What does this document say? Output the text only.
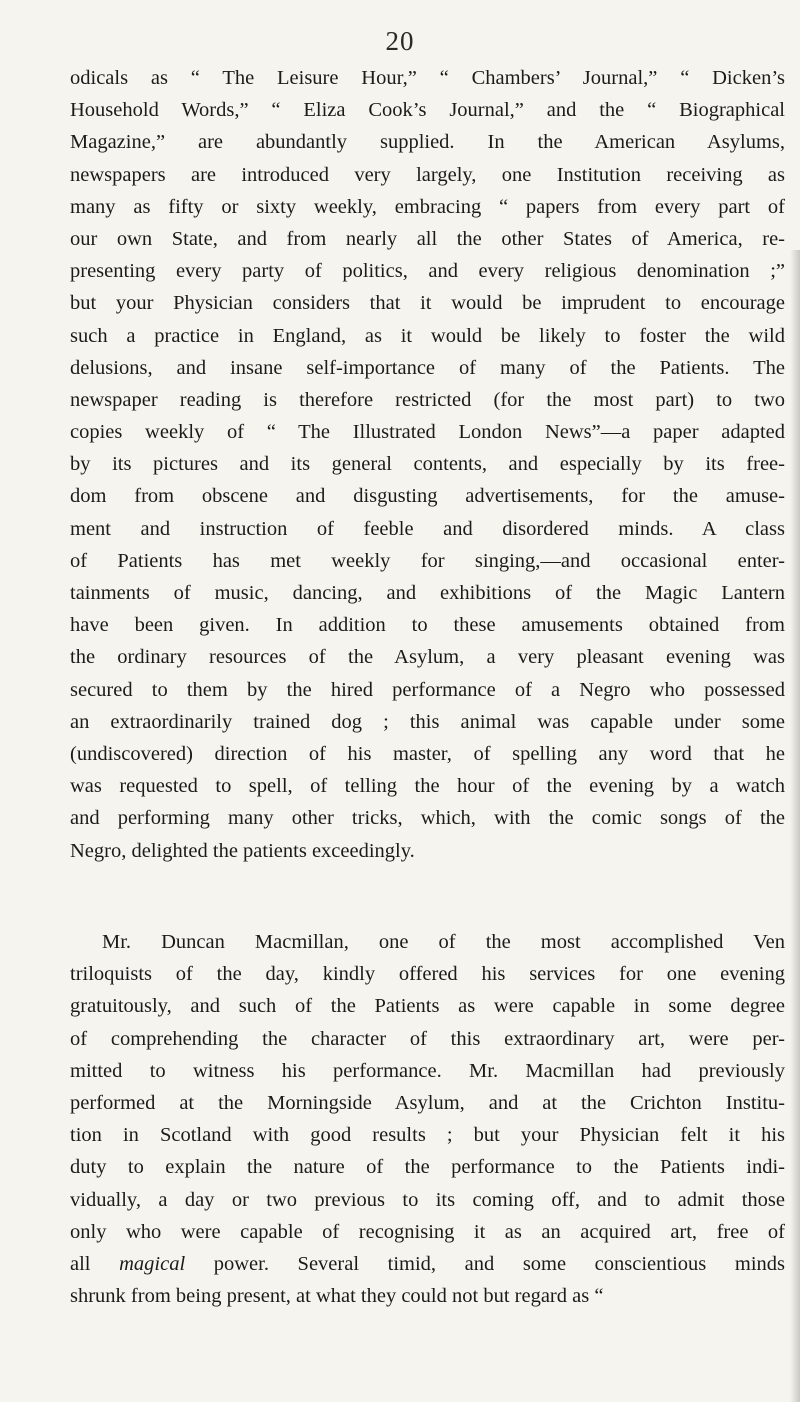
20
odicals as “ The Leisure Hour,” “ Chambers’ Journal,” “ Dicken’s
Household Words,” “ Eliza Cook’s Journal,” and the “ Biographical
Magazine,” are abundantly supplied. In the American Asylums,
newspapers are introduced very largely, one Institution receiving as
many as fifty or sixty weekly, embracing “ papers from every part of
our own State, and from nearly all the other States of America, re-
presenting every party of politics, and every religious denomination ;”
but your Physician considers that it would be imprudent to encourage
such a practice in England, as it would be likely to foster the wild
delusions, and insane self-importance of many of the Patients. The
newspaper reading is therefore restricted (for the most part) to two
copies weekly of “ The Illustrated London News”—a paper adapted
by its pictures and its general contents, and especially by its free-
dom from obscene and disgusting advertisements, for the amuse-
ment and instruction of feeble and disordered minds. A class
of Patients has met weekly for singing,—and occasional enter-
tainments of music, dancing, and exhibitions of the Magic Lantern
have been given. In addition to these amusements obtained from
the ordinary resources of the Asylum, a very pleasant evening was
secured to them by the hired performance of a Negro who possessed
an extraordinarily trained dog ; this animal was capable under some
(undiscovered) direction of his master, of spelling any word that he
was requested to spell, of telling the hour of the evening by a watch
and performing many other tricks, which, with the comic songs of the
Negro, delighted the patients exceedingly.
Mr. Duncan Macmillan, one of the most accomplished Ven
triloquists of the day, kindly offered his services for one evening
gratuitously, and such of the Patients as were capable in some degree
of comprehending the character of this extraordinary art, were per-
mitted to witness his performance. Mr. Macmillan had previously
performed at the Morningside Asylum, and at the Crichton Institu-
tion in Scotland with good results ; but your Physician felt it his
duty to explain the nature of the performance to the Patients indi-
vidually, a day or two previous to its coming off, and to admit those
only who were capable of recognising it as an acquired art, free of
all magical power. Several timid, and some conscientious minds
shrunk from being present, at what they could not but regard as “
